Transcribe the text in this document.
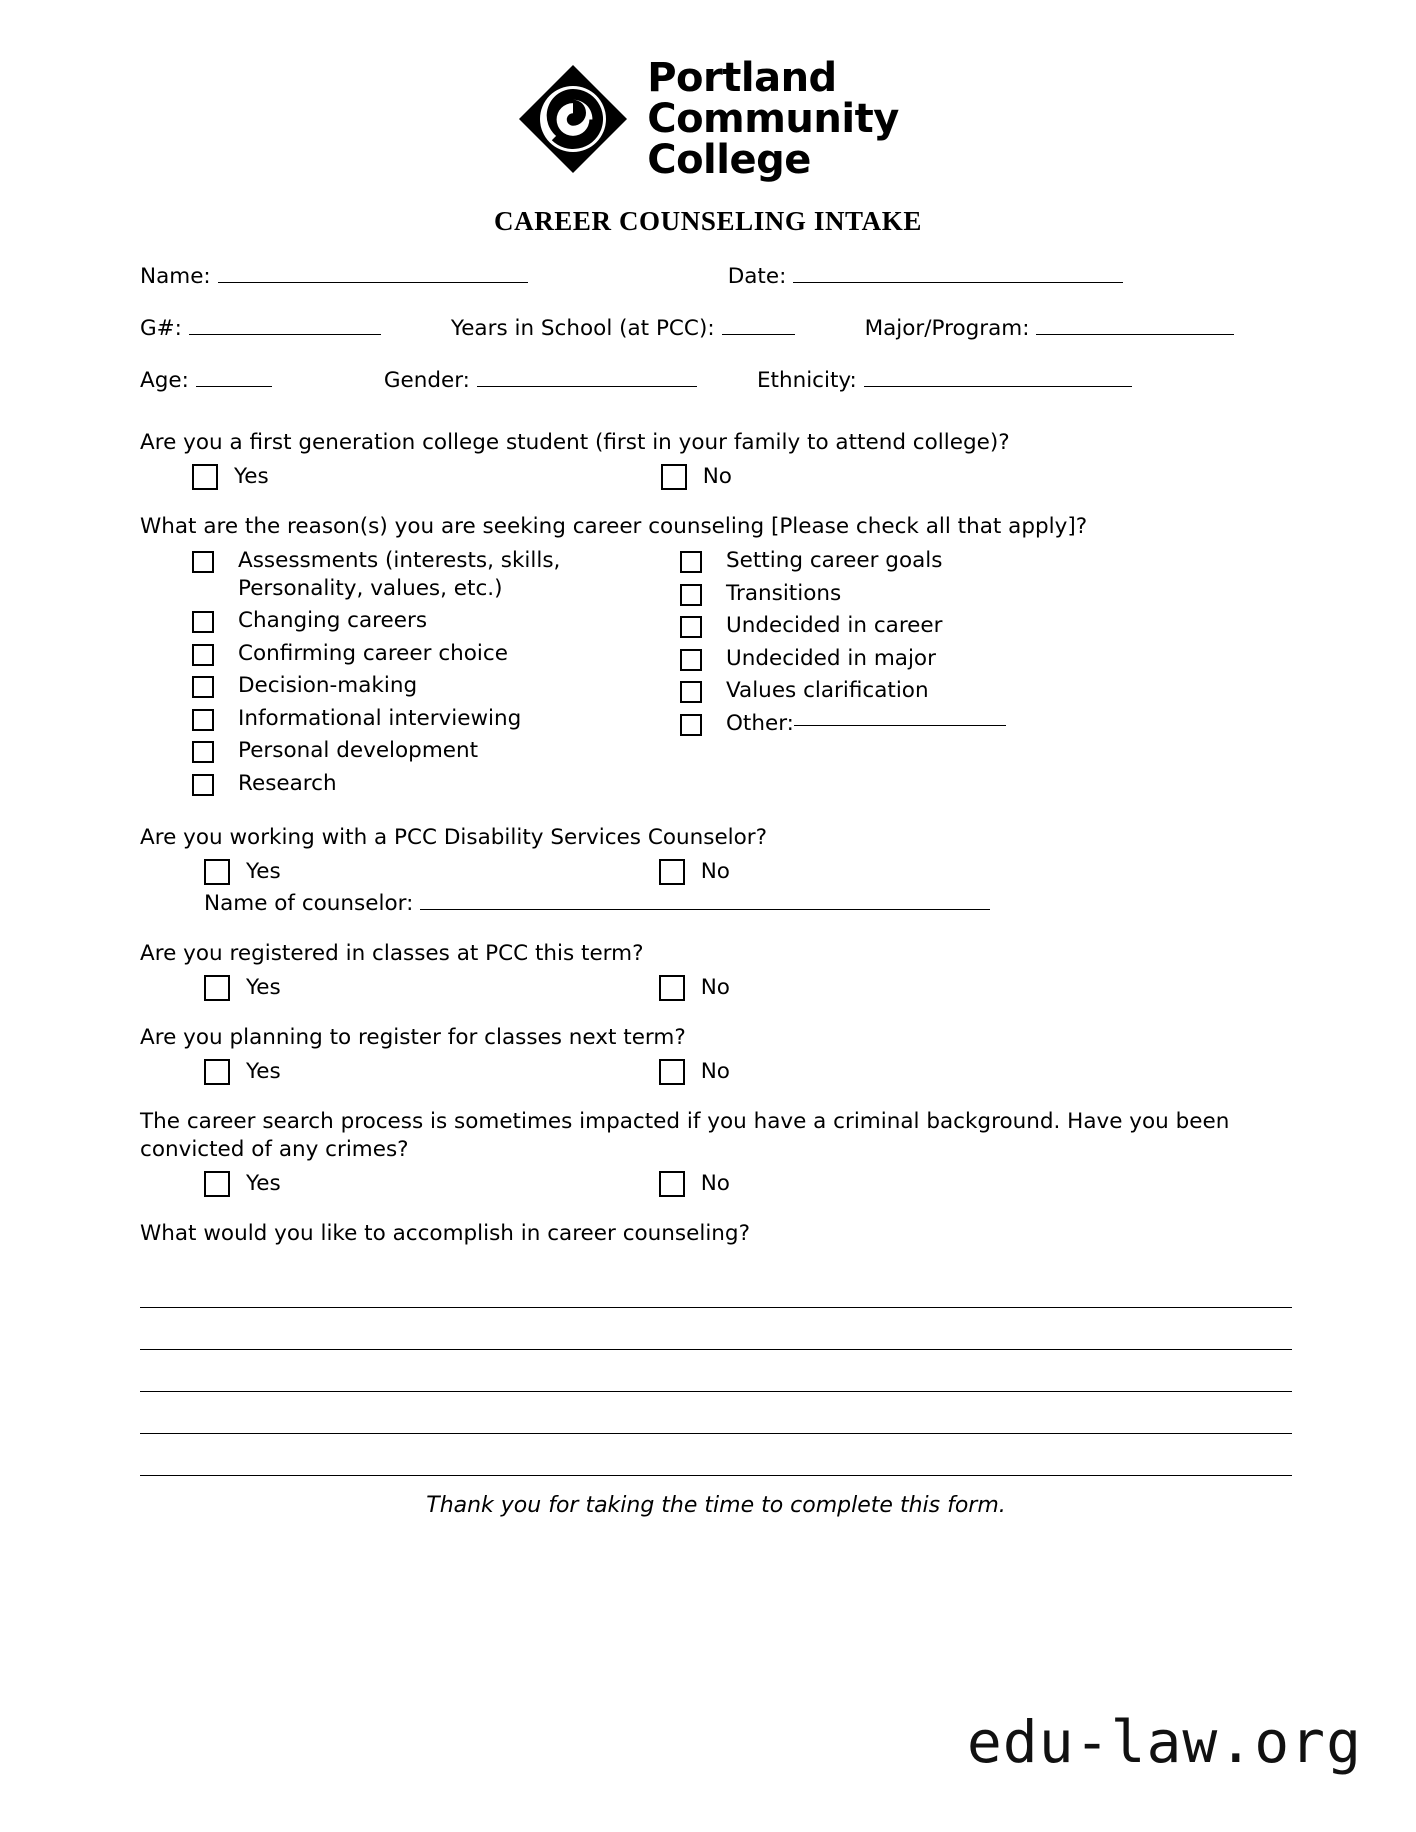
Portland
Community
College
CAREER COUNSELING INTAKE
Name:	Date:
G#:	Years in School (at PCC):	Major/Program:
Age:	Gender:	Ethnicity:
Are you a first generation college student (first in your family to attend college)?
Yes	No
What are the reason(s) you are seeking career counseling [Please check all that apply]?
Assessments (interests, skills,
Personality, values, etc.)
Changing careers
Confirming career choice
Decision-making
Informational interviewing
Personal development
Research
Setting career goals
Transitions
Undecided in career
Undecided in major
Values clarification
Other:
Are you working with a PCC Disability Services Counselor?
Yes	No
Name of counselor:
Are you registered in classes at PCC this term?
Yes	No
Are you planning to register for classes next term?
Yes	No
The career search process is sometimes impacted if you have a criminal background. Have you been convicted of any crimes?
Yes	No
What would you like to accomplish in career counseling?
Thank you for taking the time to complete this form.
edu-law.org
